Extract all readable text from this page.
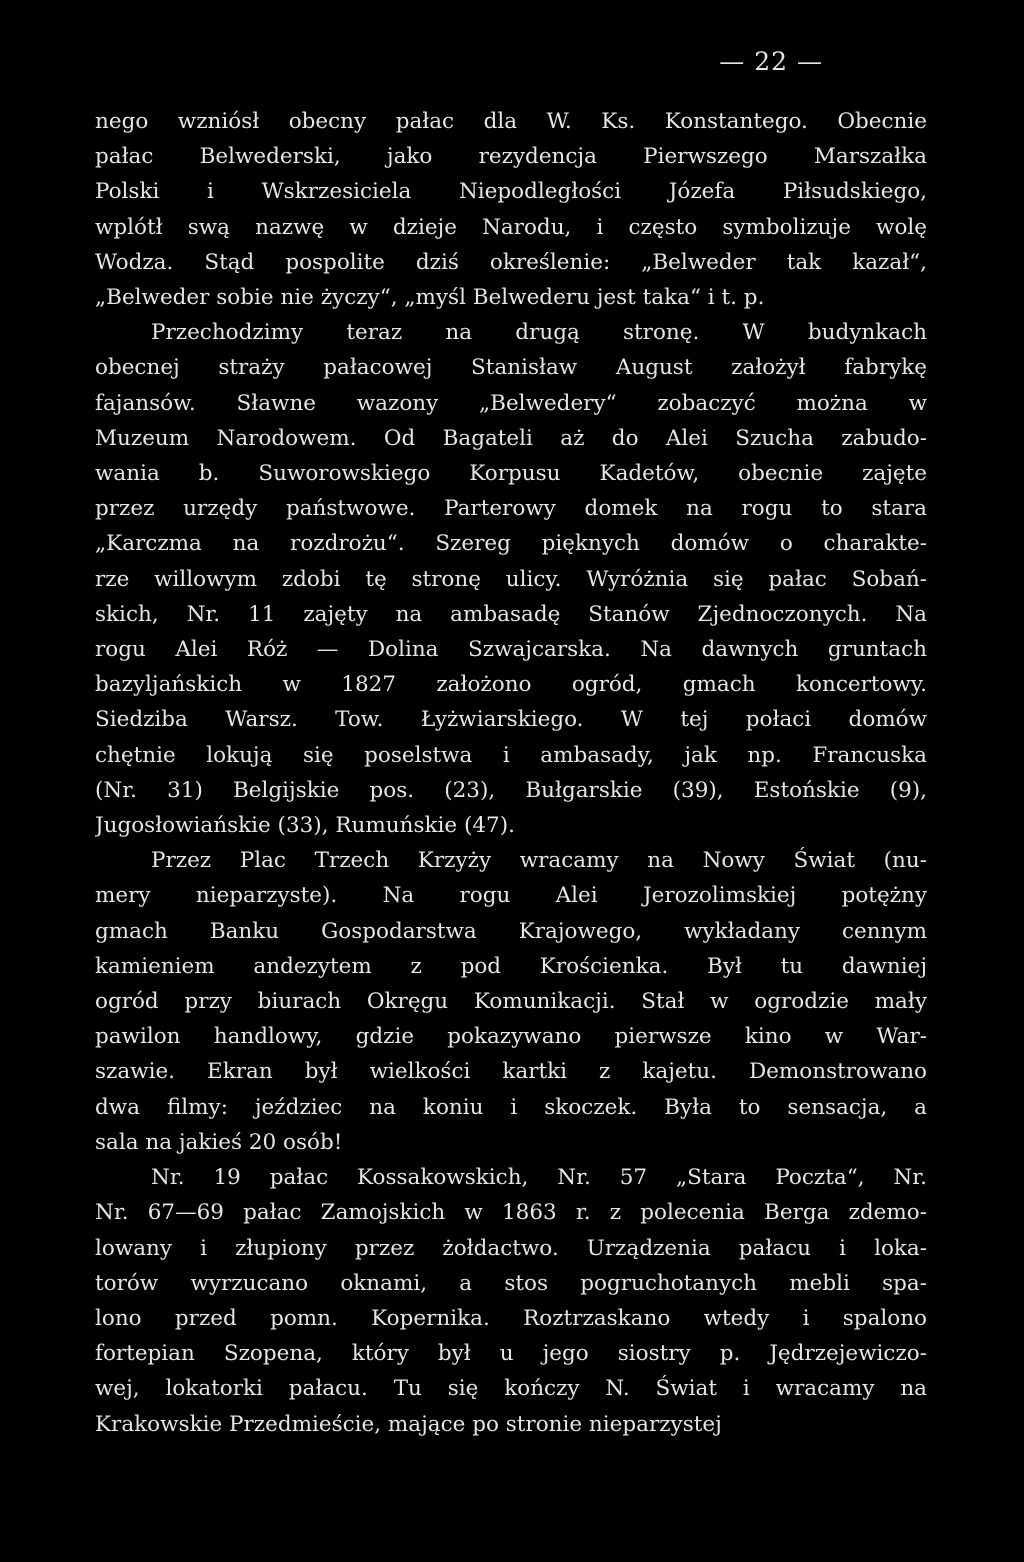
— 22 —
nego wzniósł obecny pałac dla W. Ks. Konstantego. Obecnie
pałac Belwederski, jako rezydencja Pierwszego Marszałka
Polski i Wskrzesiciela Niepodległości Józefa Piłsudskiego,
wplótł swą nazwę w dzieje Narodu, i często symbolizuje wolę
Wodza. Stąd pospolite dziś określenie: „Belweder tak kazał“,
„Belweder sobie nie życzy“, „myśl Belwederu jest taka“ i t. p.
Przechodzimy teraz na drugą stronę. W budynkach
obecnej straży pałacowej Stanisław August założył fabrykę
fajansów. Sławne wazony „Belwedery“ zobaczyć można w
Muzeum Narodowem. Od Bagateli aż do Alei Szucha zabudo-
wania b. Suworowskiego Korpusu Kadetów, obecnie zajęte
przez urzędy państwowe. Parterowy domek na rogu to stara
„Karczma na rozdrożu“. Szereg pięknych domów o charakte-
rze willowym zdobi tę stronę ulicy. Wyróżnia się pałac Sobań-
skich, Nr. 11 zajęty na ambasadę Stanów Zjednoczonych. Na
rogu Alei Róż — Dolina Szwajcarska. Na dawnych gruntach
bazyljańskich w 1827 założono ogród, gmach koncertowy.
Siedziba Warsz. Tow. Łyżwiarskiego. W tej połaci domów
chętnie lokują się poselstwa i ambasady, jak np. Francuska
(Nr. 31) Belgijskie pos. (23), Bułgarskie (39), Estońskie (9),
Jugosłowiańskie (33), Rumuńskie (47).
Przez Plac Trzech Krzyży wracamy na Nowy Świat (nu-
mery nieparzyste). Na rogu Alei Jerozolimskiej potężny
gmach Banku Gospodarstwa Krajowego, wykładany cennym
kamieniem andezytem z pod Krościenka. Był tu dawniej
ogród przy biurach Okręgu Komunikacji. Stał w ogrodzie mały
pawilon handlowy, gdzie pokazywano pierwsze kino w War-
szawie. Ekran był wielkości kartki z kajetu. Demonstrowano
dwa filmy: jeździec na koniu i skoczek. Była to sensacja, a
sala na jakieś 20 osób!
Nr. 19 pałac Kossakowskich, Nr. 57 „Stara Poczta“, Nr.
Nr. 67—69 pałac Zamojskich w 1863 r. z polecenia Berga zdemo-
lowany i złupiony przez żołdactwo. Urządzenia pałacu i loka-
torów wyrzucano oknami, a stos pogruchotanych mebli spa-
lono przed pomn. Kopernika. Roztrzaskano wtedy i spalono
fortepian Szopena, który był u jego siostry p. Jędrzejewiczo-
wej, lokatorki pałacu. Tu się kończy N. Świat i wracamy na
Krakowskie Przedmieście, mające po stronie nieparzystej
